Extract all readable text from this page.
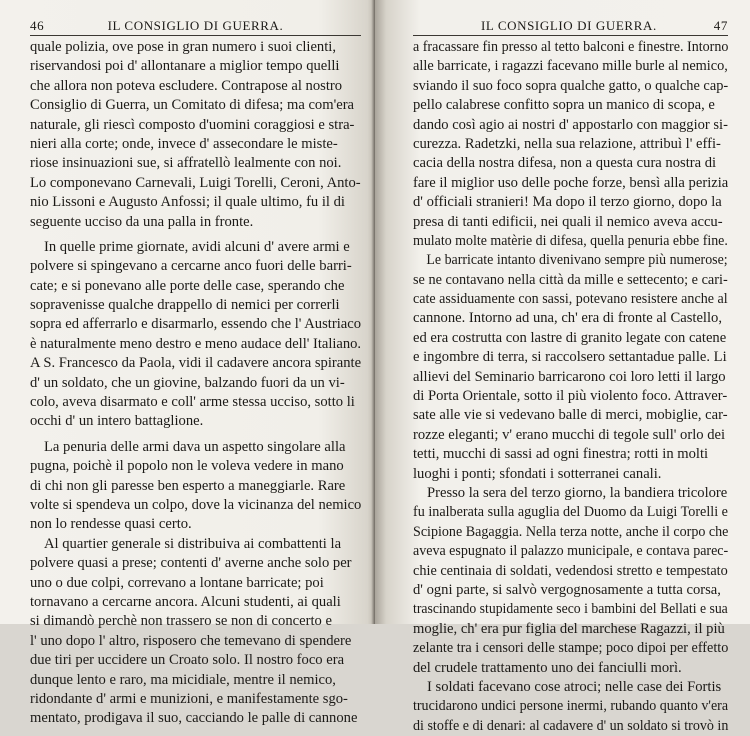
46	IL CONSIGLIO DI GUERRA.
quale polizia, ove pose in gran numero i suoi clienti,
riservandosi poi d' allontanare a miglior tempo quelli
che allora non poteva escludere. Contrapose al nostro
Consiglio di Guerra, un Comitato di difesa; ma com'era
naturale, gli riescì composto d'uomini coraggiosi e stra-
nieri alla corte; onde, invece d' assecondare le miste-
riose insinuazioni sue, si affratellò lealmente con noi.
Lo componevano Carnevali, Luigi Torelli, Ceroni, Anto-
nio Lissoni e Augusto Anfossi; il quale ultimo, fu il di
seguente ucciso da una palla in fronte.
In quelle prime giornate, avidi alcuni d' avere armi e
polvere si spingevano a cercarne anco fuori delle barri-
cate; e si ponevano alle porte delle case, sperando che
sopravenisse qualche drappello di nemici per correrli
sopra ed afferrarlo e disarmarlo, essendo che l' Austriaco
è naturalmente meno destro e meno audace dell' Italiano.
A S. Francesco da Paola, vidi il cadavere ancora spirante
d' un soldato, che un giovine, balzando fuori da un vi-
colo, aveva disarmato e coll' arme stessa ucciso, sotto li
occhi d' un intero battaglione.
La penuria delle armi dava un aspetto singolare alla
pugna, poichè il popolo non le voleva vedere in mano
di chi non gli paresse ben esperto a maneggiarle. Rare
volte si spendeva un colpo, dove la vicinanza del nemico
non lo rendesse quasi certo.
Al quartier generale si distribuiva ai combattenti la
polvere quasi a prese; contenti d' averne anche solo per
uno o due colpi, correvano a lontane barricate; poi
tornavano a cercarne ancora. Alcuni studenti, ai quali
si dimandò perchè non trassero se non di concerto e
l' uno dopo l' altro, risposero che temevano di spendere
due tiri per uccidere un Croato solo. Il nostro foco era
dunque lento e raro, ma micidiale, mentre il nemico,
ridondante d' armi e munizioni, e manifestamente sgo-
mentato, prodigava il suo, cacciando le palle di cannone
IL CONSIGLIO DI GUERRA.	47
a fracassare fin presso al tetto balconi e finestre. Intorno
alle barricate, i ragazzi facevano mille burle al nemico,
sviando il suo foco sopra qualche gatto, o qualche cap-
pello calabrese confitto sopra un manico di scopa, e
dando così agio ai nostri d' appostarlo con maggior si-
curezza. Radetzki, nella sua relazione, attribuì l' effi-
cacia della nostra difesa, non a questa cura nostra di
fare il miglior uso delle poche forze, bensì alla perizia
d' officiali stranieri! Ma dopo il terzo giorno, dopo la
presa di tanti edificii, nei quali il nemico aveva accu-
mulato molte matèrie di difesa, quella penuria ebbe fine.
Le barricate intanto divenivano sempre più numerose;
se ne contavano nella città da mille e settecento; e cari-
cate assiduamente con sassi, potevano resistere anche al
cannone. Intorno ad una, ch' era di fronte al Castello,
ed era costrutta con lastre di granito legate con catene
e ingombre di terra, si raccolsero settantadue palle. Li
allievi del Seminario barricarono coi loro letti il largo
di Porta Orientale, sotto il più violento foco. Attraver-
sate alle vie si vedevano balle di merci, mobiglie, car-
rozze eleganti; v' erano mucchi di tegole sull' orlo dei
tetti, mucchi di sassi ad ogni finestra; rotti in molti
luoghi i ponti; sfondati i sotterranei canali.
Presso la sera del terzo giorno, la bandiera tricolore
fu inalberata sulla aguglia del Duomo da Luigi Torelli e
Scipione Bagaggia. Nella terza notte, anche il corpo che
aveva espugnato il palazzo municipale, e contava parec-
chie centinaia di soldati, vedendosi stretto e tempestato
d' ogni parte, si salvò vergognosamente a tutta corsa,
trascinando stupidamente seco i bambini del Bellati e sua
moglie, ch' era pur figlia del marchese Ragazzi, il più
zelante tra i censori delle stampe; poco dipoi per effetto
del crudele trattamento uno dei fanciulli morì.
I soldati facevano cose atroci; nelle case dei Fortis
trucidarono undici persone inermi, rubando quanto v'era
di stoffe e di denari: al cadavere d' un soldato si trovò in
